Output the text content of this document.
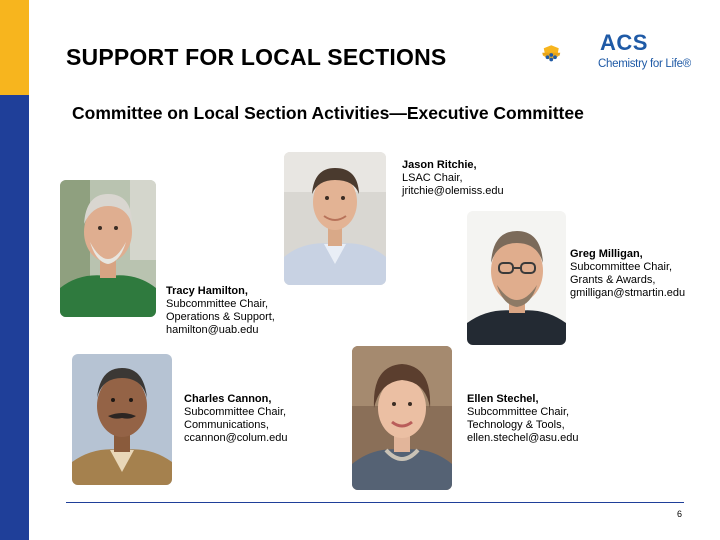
SUPPORT FOR LOCAL SECTIONS
Committee on Local Section Activities—Executive Committee
ACS
Chemistry for Life®
Jason Ritchie,
LSAC Chair,
jritchie@olemiss.edu
Tracy Hamilton,
Subcommittee Chair,
Operations & Support,
hamilton@uab.edu
Greg Milligan,
Subcommittee Chair,
Grants & Awards,
gmilligan@stmartin.edu
Charles Cannon,
Subcommittee Chair,
Communications,
ccannon@colum.edu
Ellen Stechel,
Subcommittee Chair,
Technology & Tools,
ellen.stechel@asu.edu
6
